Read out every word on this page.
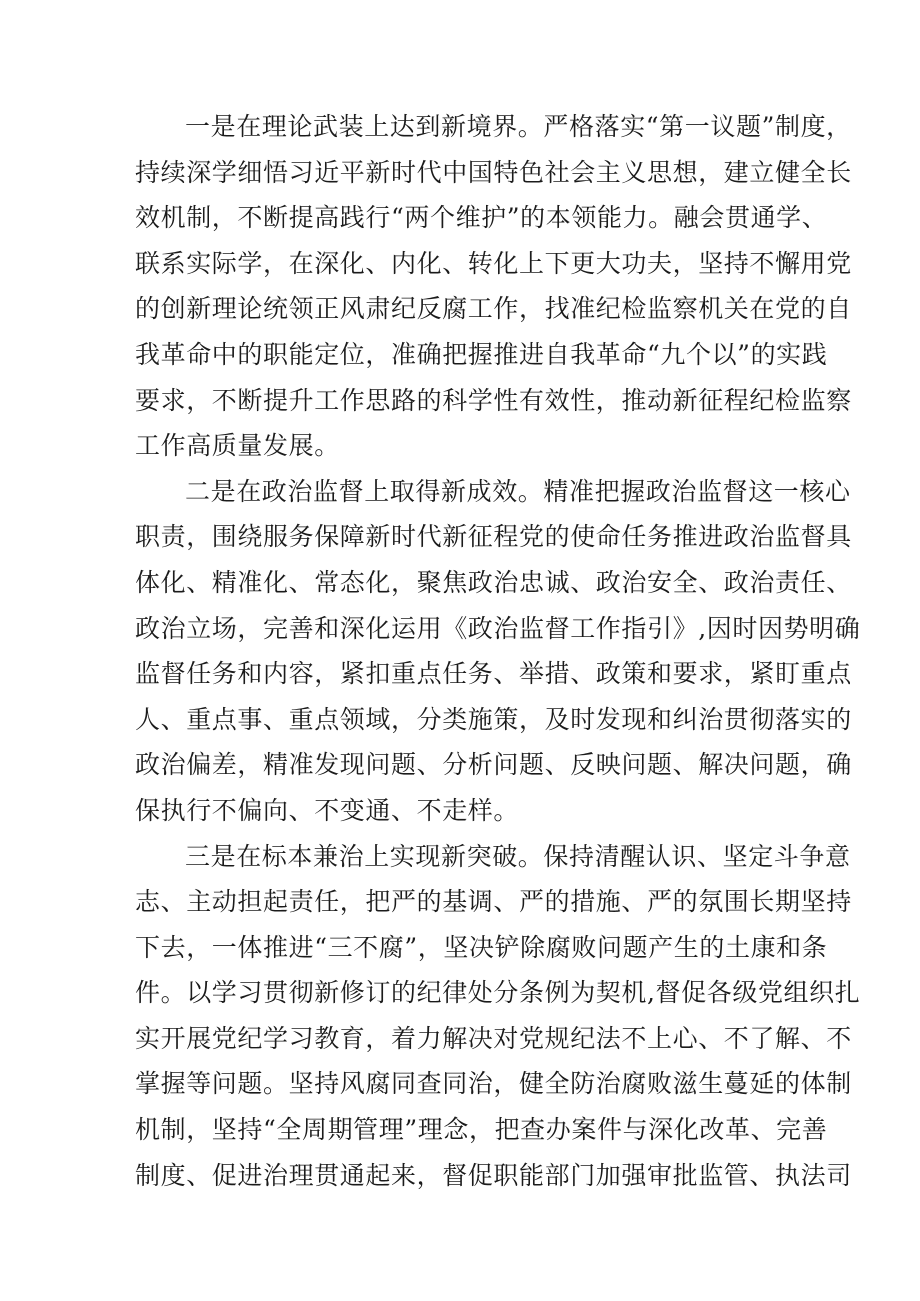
一是在理论武装上达到新境界。严格落实“第一议题”制度，
持续深学细悟习近平新时代中国特色社会主义思想，建立健全长
效机制，不断提高践行“两个维护”的本领能力。融会贯通学、
联系实际学，在深化、内化、转化上下更大功夫，坚持不懈用党
的创新理论统领正风肃纪反腐工作，找准纪检监察机关在党的自
我革命中的职能定位，准确把握推进自我革命“九个以”的实践
要求，不断提升工作思路的科学性有效性，推动新征程纪检监察
工作高质量发展。
二是在政治监督上取得新成效。精准把握政治监督这一核心
职责，围绕服务保障新时代新征程党的使命任务推进政治监督具
体化、精准化、常态化，聚焦政治忠诚、政治安全、政治责任、
政治立场，完善和深化运用《政治监督工作指引》,因时因势明确
监督任务和内容，紧扣重点任务、举措、政策和要求，紧盯重点
人、重点事、重点领域，分类施策，及时发现和纠治贯彻落实的
政治偏差，精准发现问题、分析问题、反映问题、解决问题，确
保执行不偏向、不变通、不走样。
三是在标本兼治上实现新突破。保持清醒认识、坚定斗争意
志、主动担起责任，把严的基调、严的措施、严的氛围长期坚持
下去，一体推进“三不腐”，坚决铲除腐败问题产生的土康和条
件。以学习贯彻新修订的纪律处分条例为契机,督促各级党组织扎
实开展党纪学习教育，着力解决对党规纪法不上心、不了解、不
掌握等问题。坚持风腐同查同治，健全防治腐败滋生蔓延的体制
机制，坚持“全周期管理”理念，把查办案件与深化改革、完善
制度、促进治理贯通起来，督促职能部门加强审批监管、执法司
